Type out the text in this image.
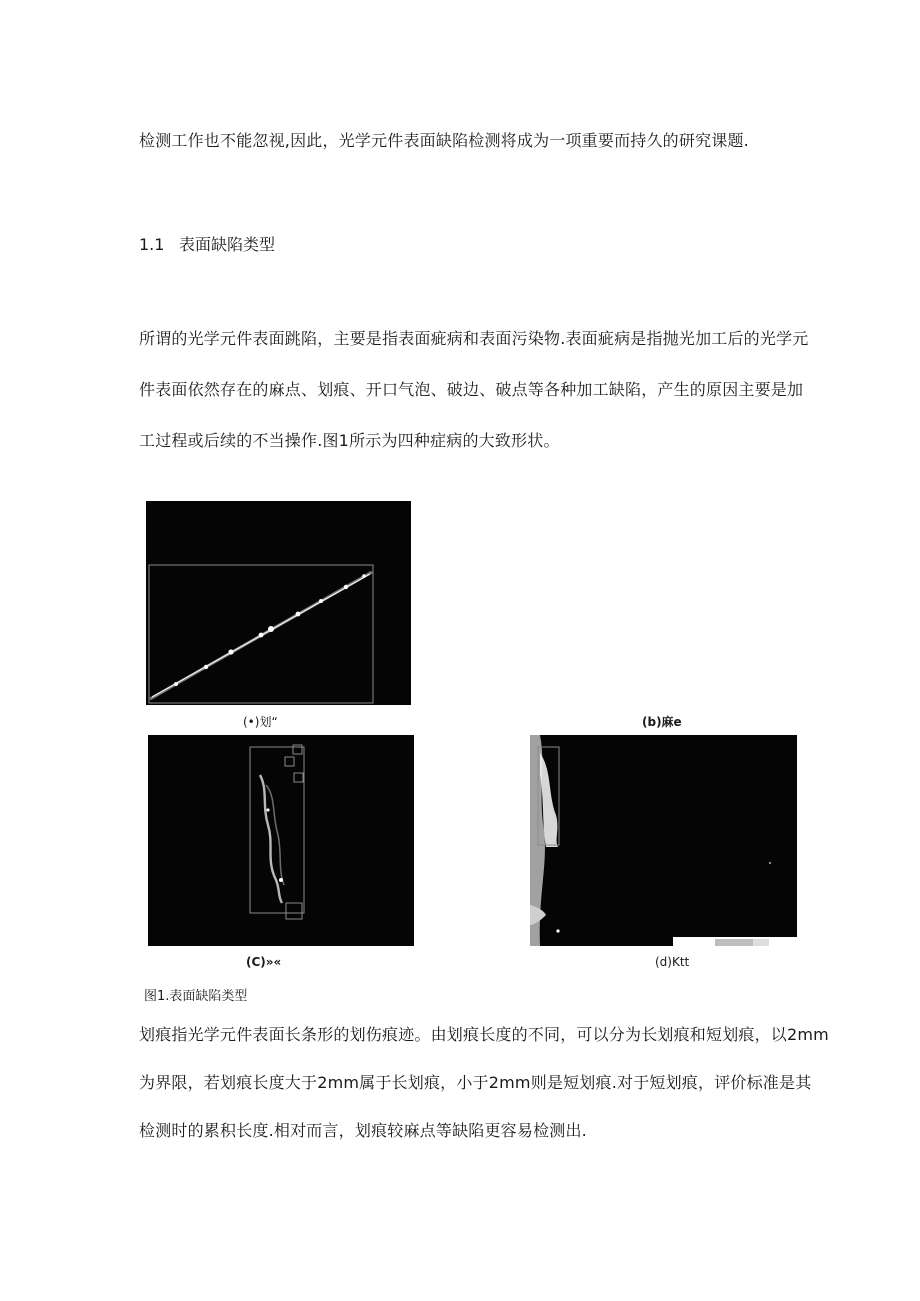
检测工作也不能忽视,因此，光学元件表面缺陷检测将成为一项重要而持久的研究课题.
1.1 表面缺陷类型
所谓的光学元件表面跳陷，主要是指表面疵病和表面污染物.表面疵病是指抛光加工后的光学元
件表面依然存在的麻点、划痕、开口气泡、破边、破点等各种加工缺陷，产生的原因主要是加
工过程或后续的不当操作.图1所示为四种症病的大致形状。
(•)划“	(b)麻e
(C)»«	(d)Ktt
图1.表面缺陷类型
划痕指光学元件表面长条形的划伤痕迹。由划痕长度的不同，可以分为长划痕和短划痕，以2mm
为界限，若划痕长度大于2mm属于长划痕，小于2mm则是短划痕.对于短划痕，评价标准是其
检测时的累积长度.相对而言，划痕较麻点等缺陷更容易检测出.
